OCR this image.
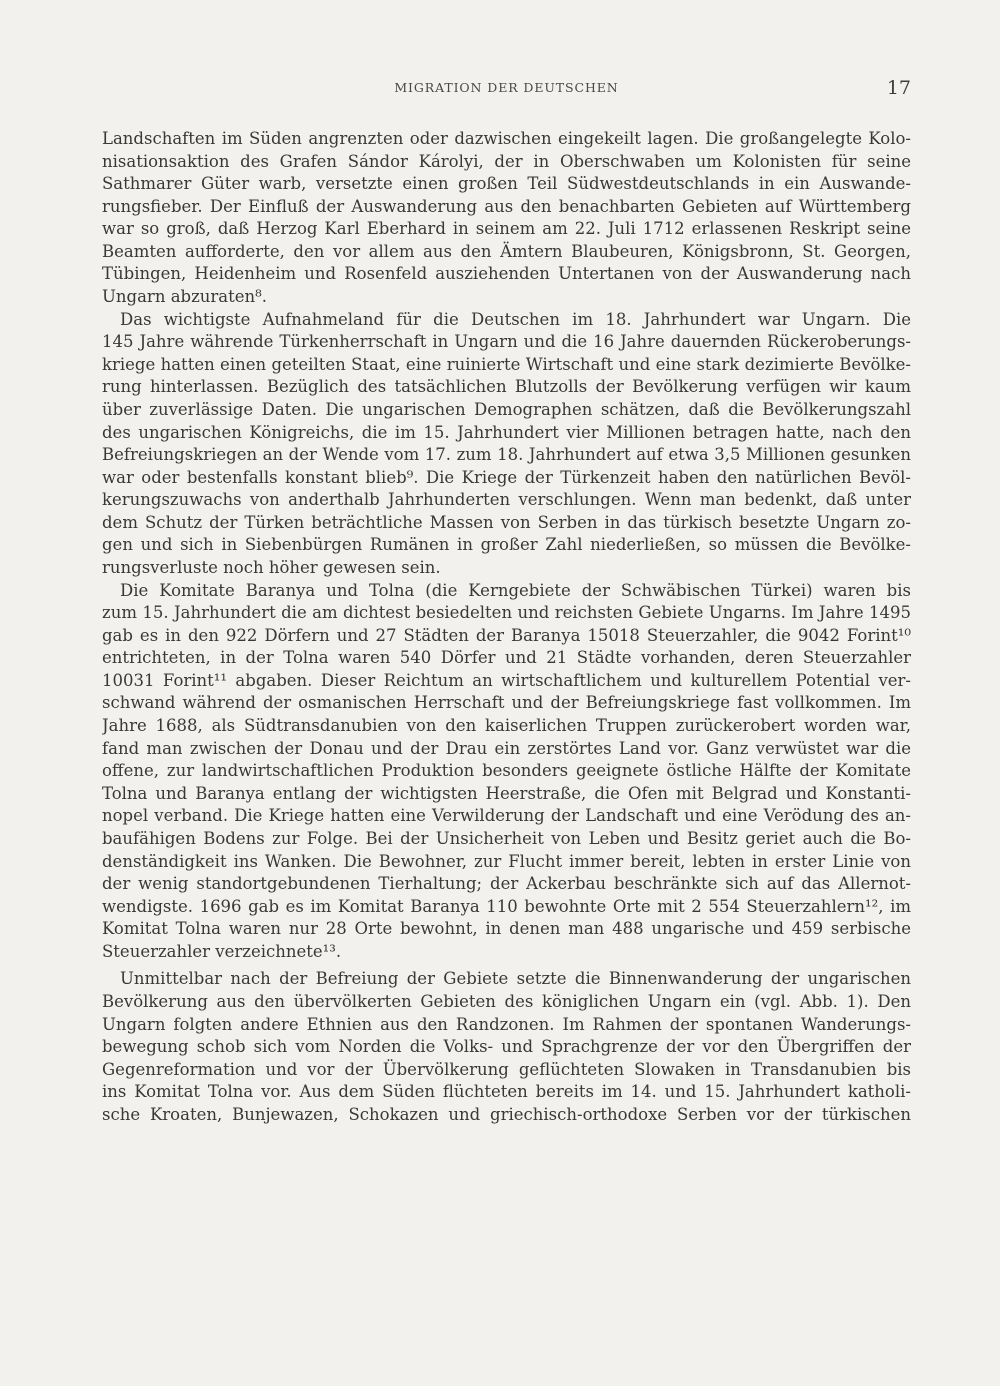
MIGRATION DER DEUTSCHEN	17
Landschaften im Süden angrenzten oder dazwischen eingekeilt lagen. Die großangelegte Kolo-
nisationsaktion des Grafen Sándor Károlyi, der in Oberschwaben um Kolonisten für seine
Sathmarer Güter warb, versetzte einen großen Teil Südwestdeutschlands in ein Auswande-
rungsfieber. Der Einfluß der Auswanderung aus den benachbarten Gebieten auf Württemberg
war so groß, daß Herzog Karl Eberhard in seinem am 22. Juli 1712 erlassenen Reskript seine
Beamten aufforderte, den vor allem aus den Ämtern Blaubeuren, Königsbronn, St. Georgen,
Tübingen, Heidenheim und Rosenfeld ausziehenden Untertanen von der Auswanderung nach
Ungarn abzuraten⁸.
Das wichtigste Aufnahmeland für die Deutschen im 18. Jahrhundert war Ungarn. Die
145 Jahre währende Türkenherrschaft in Ungarn und die 16 Jahre dauernden Rückeroberungs-
kriege hatten einen geteilten Staat, eine ruinierte Wirtschaft und eine stark dezimierte Bevölke-
rung hinterlassen. Bezüglich des tatsächlichen Blutzolls der Bevölkerung verfügen wir kaum
über zuverlässige Daten. Die ungarischen Demographen schätzen, daß die Bevölkerungszahl
des ungarischen Königreichs, die im 15. Jahrhundert vier Millionen betragen hatte, nach den
Befreiungskriegen an der Wende vom 17. zum 18. Jahrhundert auf etwa 3,5 Millionen gesunken
war oder bestenfalls konstant blieb⁹. Die Kriege der Türkenzeit haben den natürlichen Bevöl-
kerungszuwachs von anderthalb Jahrhunderten verschlungen. Wenn man bedenkt, daß unter
dem Schutz der Türken beträchtliche Massen von Serben in das türkisch besetzte Ungarn zo-
gen und sich in Siebenbürgen Rumänen in großer Zahl niederließen, so müssen die Bevölke-
rungsverluste noch höher gewesen sein.
Die Komitate Baranya und Tolna (die Kerngebiete der Schwäbischen Türkei) waren bis
zum 15. Jahrhundert die am dichtest besiedelten und reichsten Gebiete Ungarns. Im Jahre 1495
gab es in den 922 Dörfern und 27 Städten der Baranya 15018 Steuerzahler, die 9042 Forint¹⁰
entrichteten, in der Tolna waren 540 Dörfer und 21 Städte vorhanden, deren Steuerzahler
10031 Forint¹¹ abgaben. Dieser Reichtum an wirtschaftlichem und kulturellem Potential ver-
schwand während der osmanischen Herrschaft und der Befreiungskriege fast vollkommen. Im
Jahre 1688, als Südtransdanubien von den kaiserlichen Truppen zurückerobert worden war,
fand man zwischen der Donau und der Drau ein zerstörtes Land vor. Ganz verwüstet war die
offene, zur landwirtschaftlichen Produktion besonders geeignete östliche Hälfte der Komitate
Tolna und Baranya entlang der wichtigsten Heerstraße, die Ofen mit Belgrad und Konstanti-
nopel verband. Die Kriege hatten eine Verwilderung der Landschaft und eine Verödung des an-
baufähigen Bodens zur Folge. Bei der Unsicherheit von Leben und Besitz geriet auch die Bo-
denständigkeit ins Wanken. Die Bewohner, zur Flucht immer bereit, lebten in erster Linie von
der wenig standortgebundenen Tierhaltung; der Ackerbau beschränkte sich auf das Allernot-
wendigste. 1696 gab es im Komitat Baranya 110 bewohnte Orte mit 2 554 Steuerzahlern¹², im
Komitat Tolna waren nur 28 Orte bewohnt, in denen man 488 ungarische und 459 serbische
Steuerzahler verzeichnete¹³.
Unmittelbar nach der Befreiung der Gebiete setzte die Binnenwanderung der ungarischen
Bevölkerung aus den übervölkerten Gebieten des königlichen Ungarn ein (vgl. Abb. 1). Den
Ungarn folgten andere Ethnien aus den Randzonen. Im Rahmen der spontanen Wanderungs-
bewegung schob sich vom Norden die Volks- und Sprachgrenze der vor den Übergriffen der
Gegenreformation und vor der Übervölkerung geflüchteten Slowaken in Transdanubien bis
ins Komitat Tolna vor. Aus dem Süden flüchteten bereits im 14. und 15. Jahrhundert katholi-
sche Kroaten, Bunjewazen, Schokazen und griechisch-orthodoxe Serben vor der türkischen
